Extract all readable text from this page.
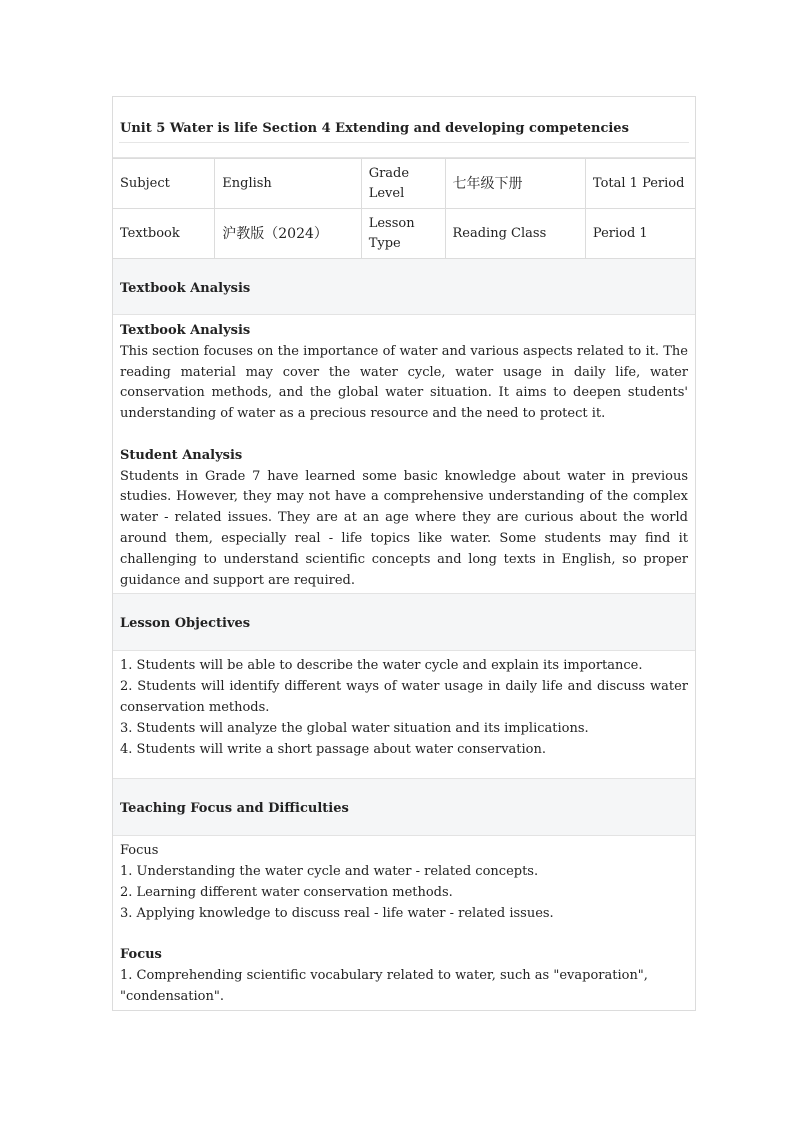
Unit 5 Water is life Section 4 Extending and developing competencies
Subject	English	Grade Level	七年级下册	Total 1 Period
Textbook	沪教版（2024）	Lesson Type	Reading Class	Period 1
Textbook Analysis
Textbook Analysis

This section focuses on the importance of water and various aspects related to it. The reading material may cover the water cycle, water usage in daily life, water conservation methods, and the global water situation. It aims to deepen students' understanding of water as a precious resource and the need to protect it.

Student Analysis

Students in Grade 7 have learned some basic knowledge about water in previous studies. However, they may not have a comprehensive understanding of the complex water - related issues. They are at an age where they are curious about the world around them, especially real - life topics like water. Some students may find it challenging to understand scientific concepts and long texts in English, so proper guidance and support are required.

Lesson Objectives

1. Students will be able to describe the water cycle and explain its importance.

2. Students will identify different ways of water usage in daily life and discuss water conservation methods.

3. Students will analyze the global water situation and its implications.

4. Students will write a short passage about water conservation.

Teaching Focus and Difficulties
Focus

1. Understanding the water cycle and water - related concepts.

2. Learning different water conservation methods.

3. Applying knowledge to discuss real - life water - related issues.

Focus

1. Comprehending scientific vocabulary related to water, such as "evaporation", "condensation".
